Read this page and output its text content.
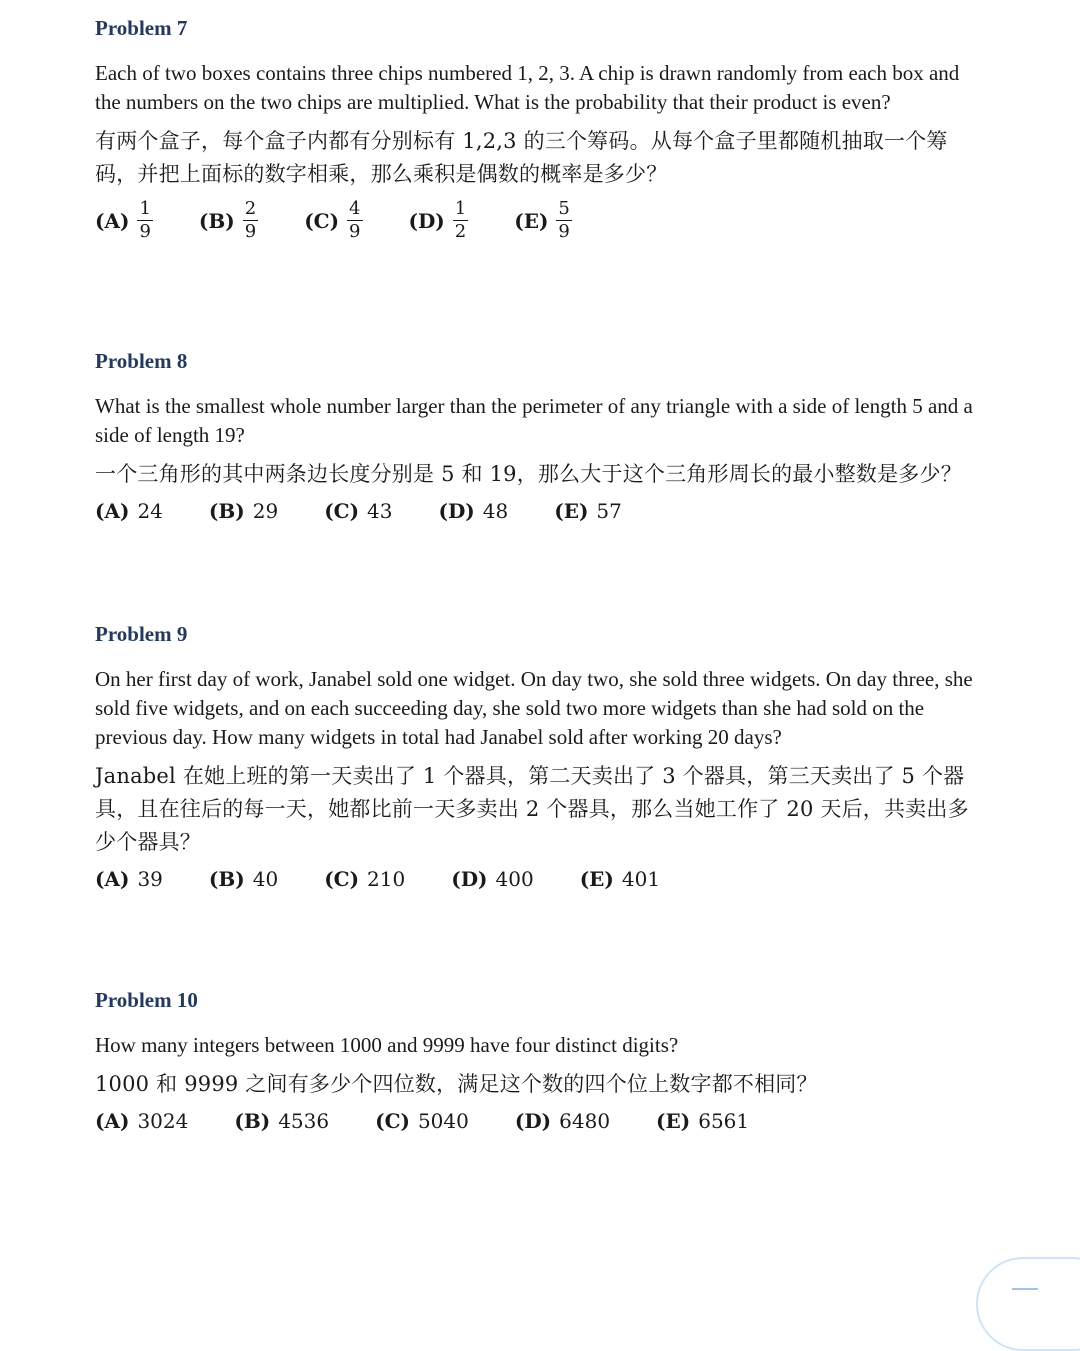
Problem 7

Each of two boxes contains three chips numbered 1, 2, 3. A chip is drawn randomly from each box and the numbers on the two chips are multiplied. What is the probability that their product is even?

有两个盒子，每个盒子内都有分别标有 1,2,3 的三个筹码。从每个盒子里都随机抽取一个筹码，并把上面标的数字相乘，那么乘积是偶数的概率是多少？

$(A) \frac{1}{9} (B) \frac{2}{9} (C) \frac{4}{9} (D) \frac{1}{2} (E) \frac{5}{9}$
Problem 8

What is the smallest whole number larger than the perimeter of any triangle with a side of length 5 and a side of length 19?

一个三角形的其中两条边长度分别是 5 和 19，那么大于这个三角形周长的最小整数是多少？

(A) 24 (B) 29 (C) 43 (D) 48 (E) 57
Problem 9

On her first day of work, Janabel sold one widget. On day two, she sold three widgets. On day three, she sold five widgets, and on each succeeding day, she sold two more widgets than she had sold on the previous day. How many widgets in total had Janabel sold after working 20 days?

Janabel 在她上班的第一天卖出了 1 个器具，第二天卖出了 3 个器具，第三天卖出了 5 个器具，且在往后的每一天，她都比前一天多卖出 2 个器具，那么当她工作了 20 天后，共卖出多少个器具？

(A) 39 (B) 40 (C) 210 (D) 400 (E) 401
Problem 10

How many integers between 1000 and 9999 have four distinct digits?

1000 和 9999 之间有多少个四位数，满足这个数的四个位上数字都不相同？

(A) 3024 (B) 4536 (C) 5040 (D) 6480 (E) 6561
